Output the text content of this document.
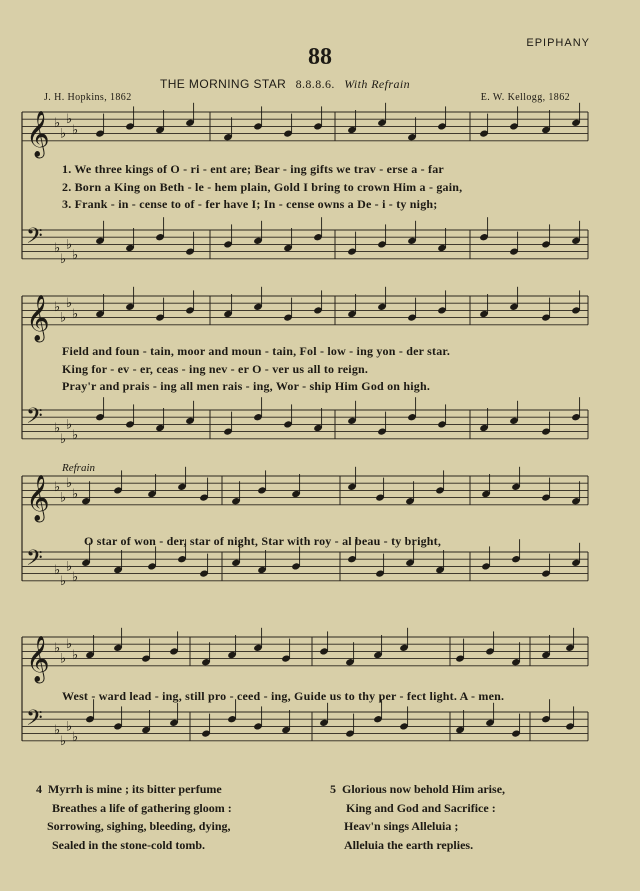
𝄞 ♭
♭
♭
♭
𝄢 ♭
♭
♭
♭
𝄞 ♭
♭
♭
♭
𝄢 ♭
♭
♭
♭
𝄞 ♭
♭
♭
♭
𝄢 ♭
♭
♭
♭
𝄞 ♭
♭
♭
♭
𝄢 ♭
♭
♭
♭
88
EPIPHANY
THE MORNING STAR 8.8.8.6. With Refrain
J. H. Hopkins, 1862	E. W. Kellogg, 1862
1. We three kings of O - ri - ent are; Bear - ing gifts we trav - erse a - far
2. Born a King on Beth - le - hem plain, Gold I bring to crown Him a - gain,
3. Frank - in - cense to of - fer have I; In - cense owns a De - i - ty nigh;
Field and foun - tain, moor and moun - tain, Fol - low - ing yon - der star.
King for - ev - er, ceas - ing nev - er O - ver us all to reign.
Pray'r and prais - ing all men rais - ing, Wor - ship Him God on high.
Refrain
O star of won - der, star of night, Star with roy - al beau - ty bright,
West - ward lead - ing, still pro - ceed - ing, Guide us to thy per - fect light. A - men.
4 Myrrh is mine ; its bitter perfume
Breathes a life of gathering gloom :
Sorrowing, sighing, bleeding, dying,
Sealed in the stone-cold tomb.
5 Glorious now behold Him arise,
King and God and Sacrifice :
Heav'n sings Alleluia ;
Alleluia the earth replies.
